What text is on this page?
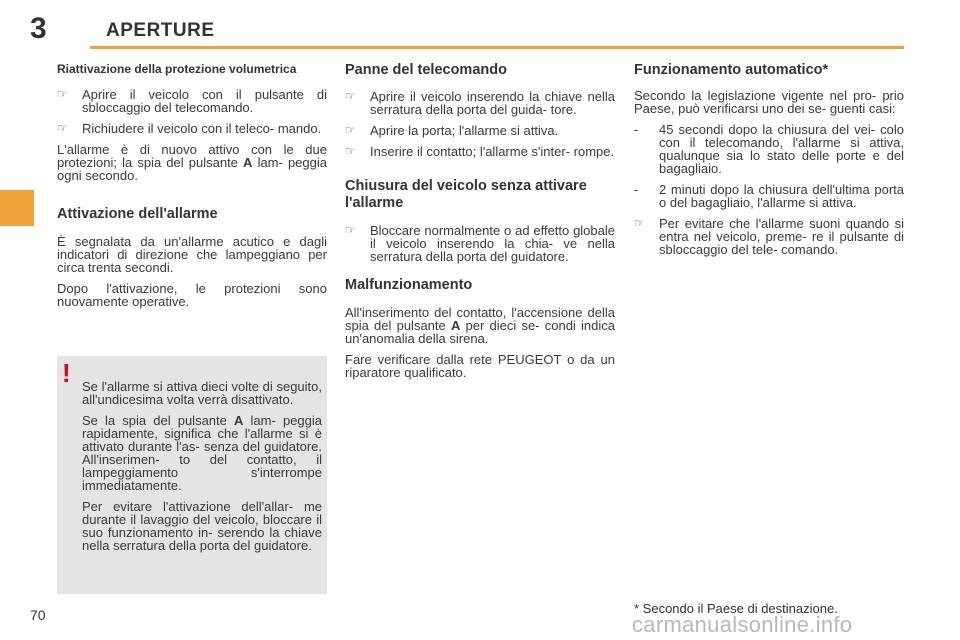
3	APERTURE
Riattivazione della protezione volumetrica
☞ Aprire il veicolo con il pulsante di sbloccaggio del telecomando.
☞ Richiudere il veicolo con il teleco- mando.

L'allarme è di nuovo attivo con le due protezioni; la spia del pulsante A lam- peggia ogni secondo.

Attivazione dell'allarme

È segnalata da un'allarme acutico e dagli indicatori di direzione che lampeggiano per circa trenta secondi.

Dopo l'attivazione, le protezioni sono nuovamente operative.

! Se l'allarme si attiva dieci volte di seguito, all'undicesima volta verrà disattivato.

Se la spia del pulsante A lam- peggia rapidamente, significa che l'allarme si è attivato durante l'as- senza del guidatore. All'inserimen- to del contatto, il lampeggiamento s'interrompe immediatamente.

Per evitare l'attivazione dell'allar- me durante il lavaggio del veicolo, bloccare il suo funzionamento in- serendo la chiave nella serratura della porta del guidatore.

Panne del telecomando
☞ Aprire il veicolo inserendo la chiave nella serratura della porta del guida- tore.
☞ Aprire la porta; l'allarme si attiva.
☞ Inserire il contatto; l'allarme s'inter- rompe.
Chiusura del veicolo senza attivare l'allarme
☞ Bloccare normalmente o ad effetto globale il veicolo inserendo la chia- ve nella serratura della porta del guidatore.
Malfunzionamento

All'inserimento del contatto, l'accensione della spia del pulsante A per dieci se- condi indica un'anomalia della sirena.

Fare verificare dalla rete PEUGEOT o da un riparatore qualificato.

Funzionamento automatico*

Secondo la legislazione vigente nel pro- prio Paese, può verificarsi uno dei se- guenti casi:

- 45 secondi dopo la chiusura del vei- colo con il telecomando, l'allarme si attiva, qualunque sia lo stato delle porte e del bagagliaio.
- 2 minuti dopo la chiusura dell'ultima porta o del bagagliaio, l'allarme si attiva.
☞ Per evitare che l'allarme suoni quando si entra nel veicolo, preme- re il pulsante di sbloccaggio del tele- comando.
* Secondo il Paese di destinazione.
70	carmanualsonline.info
